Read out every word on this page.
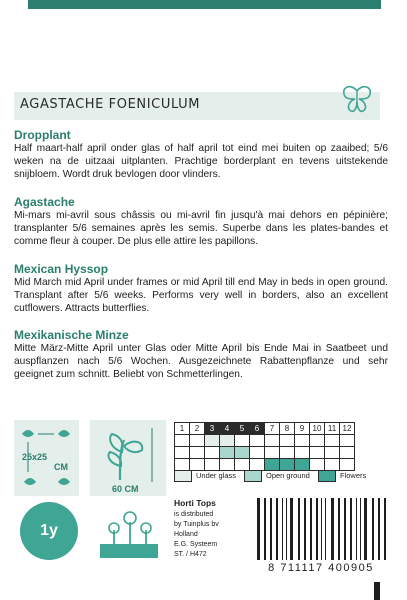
AGASTACHE FOENICULUM
Dropplant

Half maart-half april onder glas of half april tot eind mei buiten op zaaibed; 5/6 weken na de uitzaai uitplanten. Prachtige borderplant en tevens uitstekende snijbloem. Wordt druk bevlogen door vlinders.

Agastache

Mi-mars mi-avril sous châssis ou mi-avril fin jusqu'à mai dehors en pépinière; transplanter 5/6 semaines après les semis. Superbe dans les plates-bandes et comme fleur à couper. De plus elle attire les papillons.

Mexican Hyssop

Mid March mid April under frames or mid April till end May in beds in open ground. Transplant after 5/6 weeks. Performs very well in borders, also an excellent cutflowers. Attracts butterflies.

Mexikanische Minze

Mitte März-Mitte April unter Glas oder Mitte April bis Ende Mai in Saatbeet und auspflanzen nach 5/6 Wochen. Ausgezeichnete Rabattenpflanze und sehr geeignet zum schnitt. Beliebt von Schmetterlingen.

25x25
CM
60 CM
1y
1	2	3	4	5	6	7	8	9	10	11	12

Under glass	Open ground	Flowers
Horti Tops
is distributed
by Tuinplus bv
Holland
E.G. Systeem
ST. / H472
8 711117 400905
